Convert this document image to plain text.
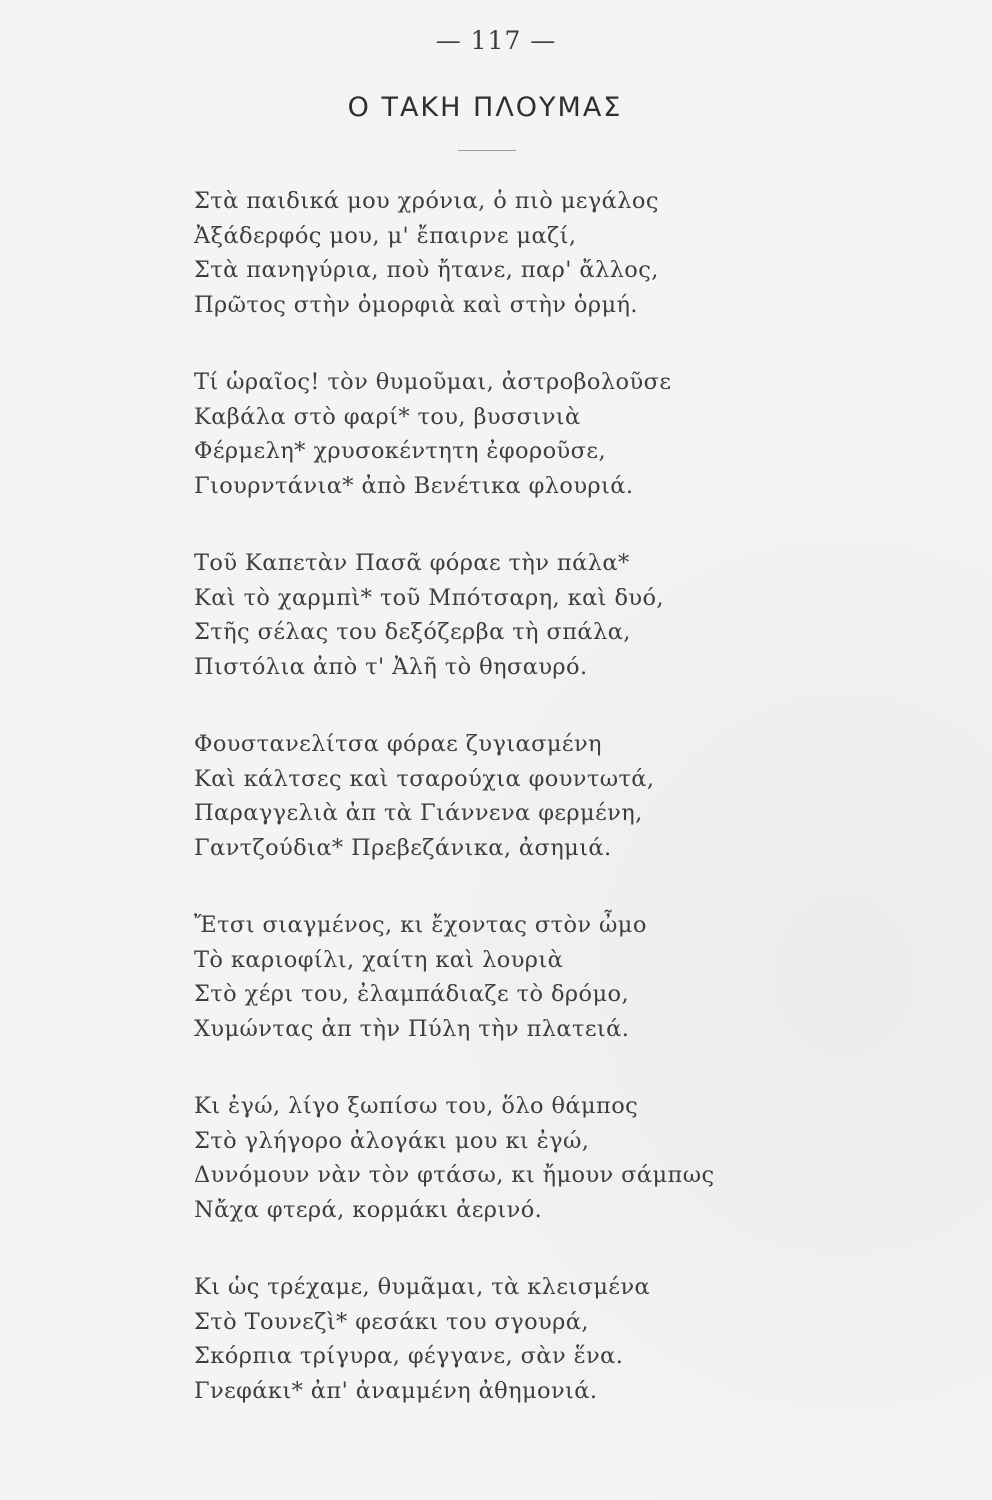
— 117 —
Ο ΤΑΚΗ ΠΛΟΥΜΑΣ
Στὰ παιδικά μου χρόνια, ὁ πιὸ μεγάλος
Ἀξάδερφός μου, μ' ἔπαιρνε μαζί,
Στὰ πανηγύρια, ποὺ ἤτανε, παρ' ἄλλος,
Πρῶτος στὴν ὀμορφιὰ καὶ στὴν ὁρμή.
Τί ὡραῖος! τὸν θυμοῦμαι, ἀστροβολοῦσε
Καβάλα στὸ φαρί* του, βυσσινιὰ
Φέρμελη* χρυσοκέντητη ἐφοροῦσε,
Γιουρντάνια* ἀπὸ Βενέτικα φλουριά.
Τοῦ Καπετὰν Πασᾶ φόραε τὴν πάλα*
Καὶ τὸ χαρμπὶ* τοῦ Μπότσαρη, καὶ δυό,
Στῆς σέλας του δεξόζερβα τὴ σπάλα,
Πιστόλια ἀπὸ τ' Ἀλῆ τὸ θησαυρό.
Φουστανελίτσα φόραε ζυγιασμένη
Καὶ κάλτσες καὶ τσαρούχια φουντωτά,
Παραγγελιὰ ἀπ τὰ Γιάννενα φερμένη,
Γαντζούδια* Πρεβεζάνικα, ἀσημιά.
Ἔτσι σιαγμένος, κι ἔχοντας στὸν ὦμο
Τὸ καριοφίλι, χαίτη καὶ λουριὰ
Στὸ χέρι του, ἐλαμπάδιαζε τὸ δρόμο,
Χυμώντας ἀπ τὴν Πύλη τὴν πλατειά.
Κι ἐγώ, λίγο ξωπίσω του, ὅλο θάμπος
Στὸ γλήγορο ἀλογάκι μου κι ἐγώ,
Δυνόμουν νὰν τὸν φτάσω, κι ἤμουν σάμπως
Νἄχα φτερά, κορμάκι ἀερινό.
Κι ὡς τρέχαμε, θυμᾶμαι, τὰ κλεισμένα
Στὸ Τουνεζὶ* φεσάκι του σγουρά,
Σκόρπια τρίγυρα, φέγγανε, σὰν ἕνα.
Γνεφάκι* ἀπ' ἀναμμένη ἀθημονιά.
